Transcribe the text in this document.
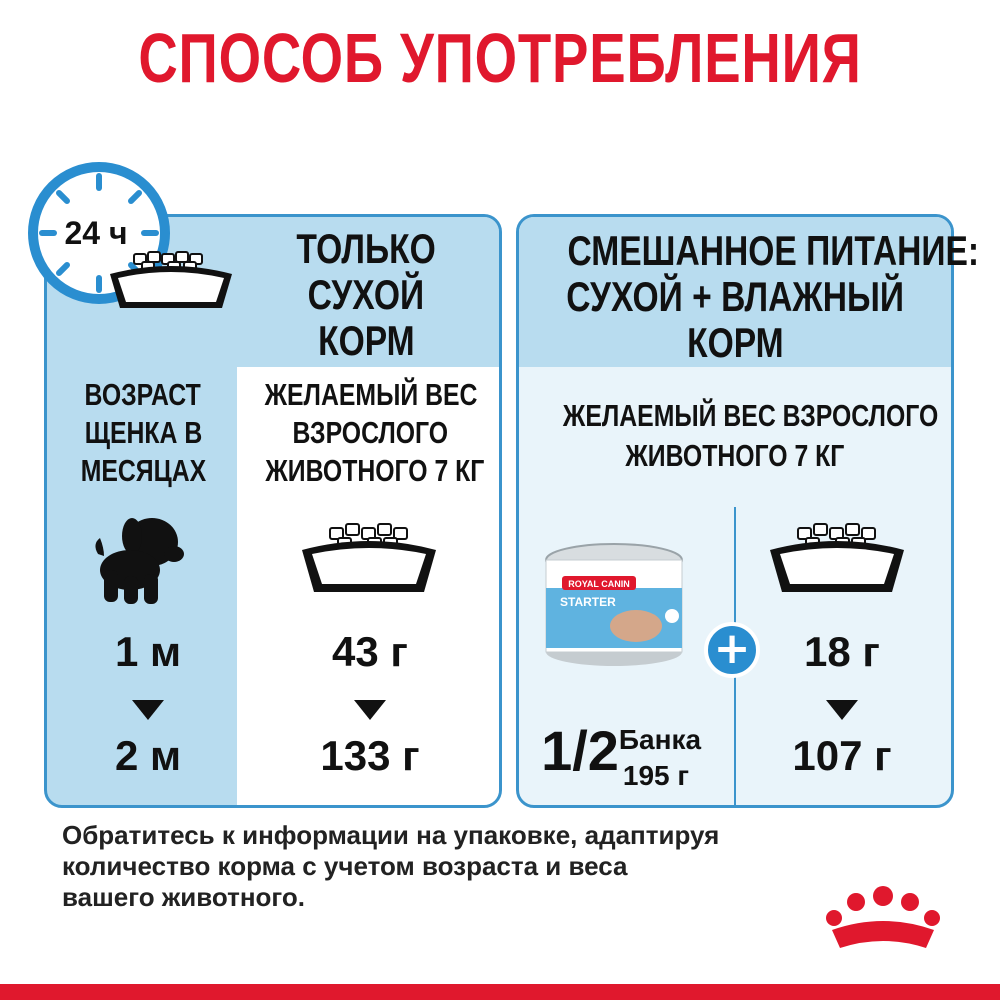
СПОСОБ УПОТРЕБЛЕНИЯ
24 ч	ТОЛЬКО
СУХОЙ
КОРМ
ВОЗРАСТ
ЩЕНКА В
МЕСЯЦАХ
ЖЕЛАЕМЫЙ ВЕС
ВЗРОСЛОГО
ЖИВОТНОГО 7 КГ
1 м
2 м
43 г
133 г
СМЕШАННОЕ ПИТАНИЕ:
СУХОЙ + ВЛАЖНЫЙ
КОРМ
ЖЕЛАЕМЫЙ ВЕС ВЗРОСЛОГО
ЖИВОТНОГО 7 КГ
ROYAL CANIN
STARTER
+
1/2 Банка
195 г
18 г
107 г
Обратитесь к информации на упаковке, адаптируя
количество корма с учетом возраста и веса
вашего животного.
